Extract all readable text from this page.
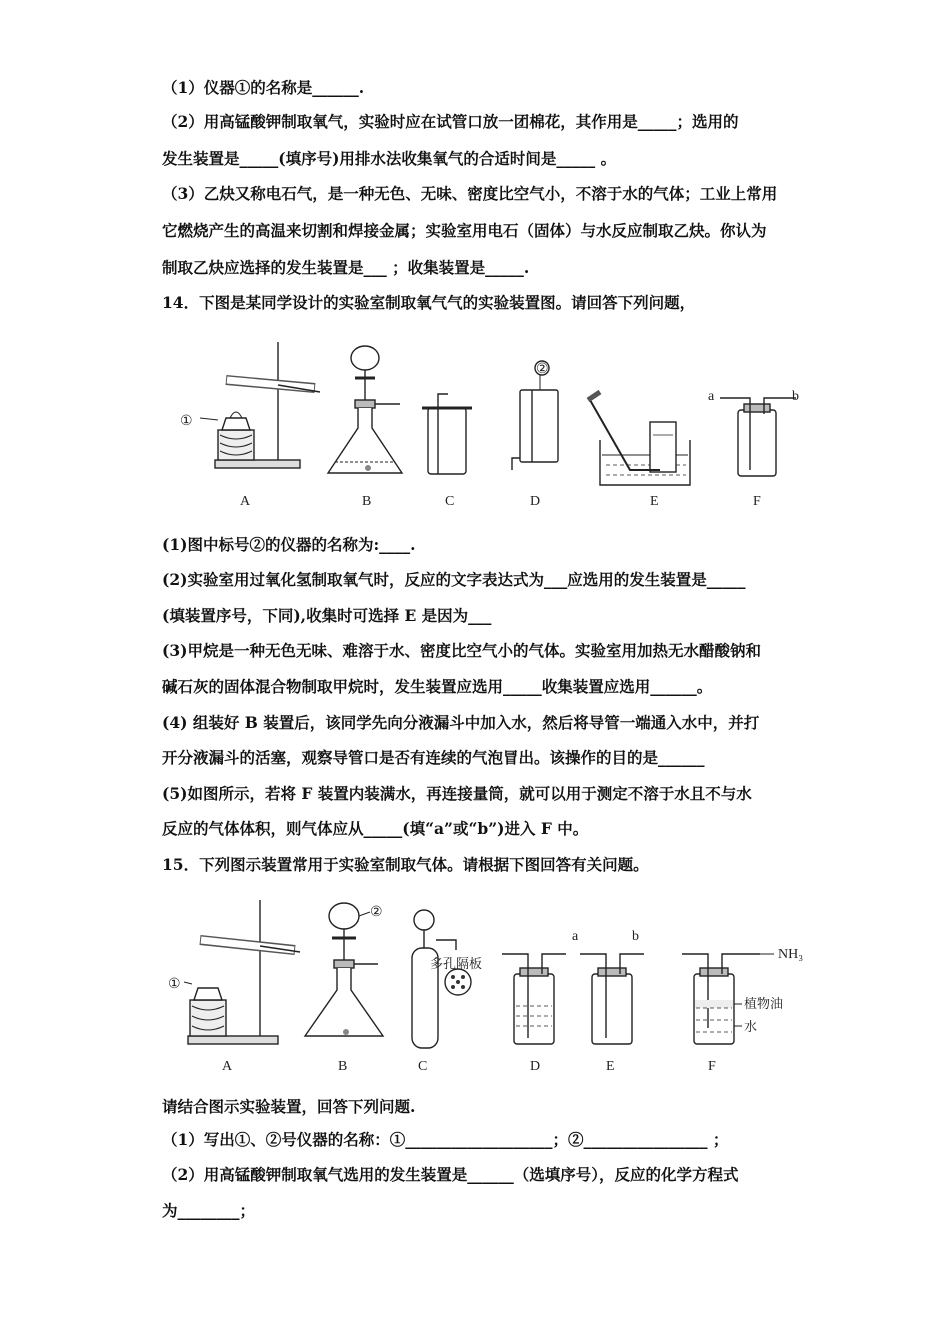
（1）仪器①的名称是______.
（2）用高锰酸钾制取氧气，实验时应在试管口放一团棉花，其作用是_____；选用的
发生装置是_____(填序号)用排水法收集氧气的合适时间是_____ 。
（3）乙炔又称电石气，是一种无色、无味、密度比空气小，不溶于水的气体；工业上常用
它燃烧产生的高温来切割和焊接金属；实验室用电石（固体）与水反应制取乙炔。你认为
制取乙炔应选择的发生装置是___ ；收集装置是_____.
14．下图是某同学设计的实验室制取氧气气的实验装置图。请回答下列问题，
①
②
a	b
A	B	C	D	E	F
(1)图中标号②的仪器的名称为:____.
(2)实验室用过氧化氢制取氧气时，反应的文字表达式为___应选用的发生装置是_____
(填装置序号，下同),收集时可选择 E 是因为___
(3)甲烷是一种无色无味、难溶于水、密度比空气小的气体。实验室用加热无水醋酸钠和
碱石灰的固体混合物制取甲烷时，发生装置应选用_____收集装置应选用______。
(4) 组装好 B 装置后，该同学先向分液漏斗中加入水，然后将导管一端通入水中，并打
开分液漏斗的活塞，观察导管口是否有连续的气泡冒出。该操作的目的是______
(5)如图所示，若将 F 装置内装满水，再连接量筒，就可以用于测定不溶于水且不与水
反应的气体体积，则气体应从_____(填“a”或“b”)进入 F 中。
15．下列图示装置常用于实验室制取气体。请根据下图回答有关问题。
①
②
多孔隔板
a	b
NH₃
植物油
水
A	B	C	D	E	F
请结合图示实验装置，回答下列问题.
（1）写出①、②号仪器的名称：①___________________；②________________ ；
（2）用高锰酸钾制取氧气选用的发生装置是______（选填序号），反应的化学方程式
为________；
